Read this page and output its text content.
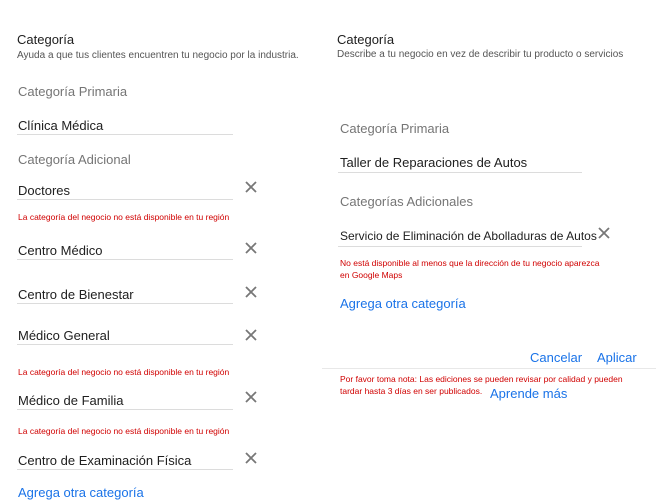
Categoría
Ayuda a que tus clientes encuentren tu negocio por la industria.
Categoría Primaria
Clínica Médica
Categoría Adicional
Doctores
La categoría del negocio no está disponible en tu región
Centro Médico
Centro de Bienestar
Médico General
La categoría del negocio no está disponible en tu región
Médico de Familia
La categoría del negocio no está disponible en tu región
Centro de Examinación Física
Agrega otra categoría
Categoría
Describe a tu negocio en vez de describir tu producto o servicios
Categoría Primaria
Taller de Reparaciones de Autos
Categorías Adicionales
Servicio de Eliminación de Abolladuras de Autos
No está disponible al menos que la dirección de tu negocio aparezca
en Google Maps
Agrega otra categoría
Cancelar Aplicar
Por favor toma nota: Las ediciones se pueden revisar por calidad y pueden
tardar hasta 3 días en ser publicados. Aprende más
